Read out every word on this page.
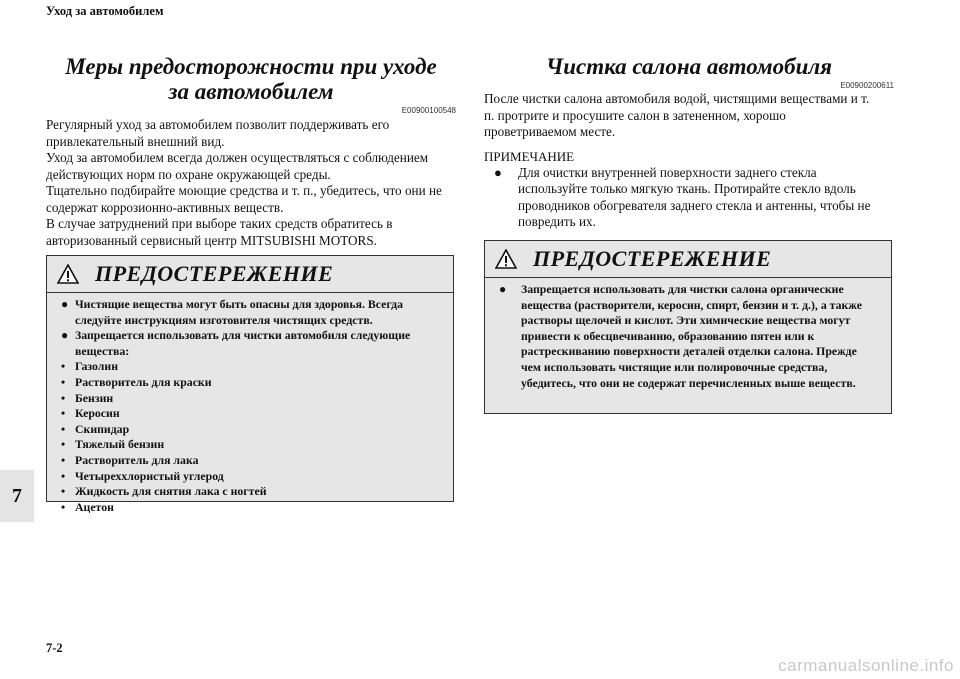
Уход за автомобилем
7
7-2
carmanualsonline.info
Меры предосторожности при уходе
за автомобилем
E00900100548

Регулярный уход за автомобилем позволит поддерживать его привлекательный внешний вид.

Уход за автомобилем всегда должен осуществляться с соблюдением действующих норм по охране окружающей среды.

Тщательно подбирайте моющие средства и т. п., убедитесь, что они не содержат коррозионно-активных веществ.

В случае затруднений при выборе таких средств обратитесь в авторизованный сервисный центр MITSUBISHI MOTORS.

ПРЕДОСТЕРЕЖЕНИЕ
● Чистящие вещества могут быть опасны для здоровья. Всегда следуйте инструкциям изготовителя чистящих средств.
● Запрещается использовать для чистки автомобиля следующие вещества:
• Газолин
• Растворитель для краски
• Бензин
• Керосин
• Скипидар
• Тяжелый бензин
• Растворитель для лака
• Четыреххлористый углерод
• Жидкость для снятия лака с ногтей
• Ацетон
Чистка салона автомобиля
E00900200611

После чистки салона автомобиля водой, чистящими веществами и т. п. протрите и просушите салон в затененном, хорошо проветриваемом месте.

ПРИМЕЧАНИЕ
● Для очистки внутренней поверхности заднего стекла используйте только мягкую ткань. Протирайте стекло вдоль проводников обогревателя заднего стекла и антенны, чтобы не повредить их.
ПРЕДОСТЕРЕЖЕНИЕ
● Запрещается использовать для чистки салона органические вещества (растворители, керосин, спирт, бензин и т. д.), а также растворы щелочей и кислот. Эти химические вещества могут привести к обесцвечиванию, образованию пятен или к растрескиванию поверхности деталей отделки салона. Прежде чем использовать чистящие или полировочные средства, убедитесь, что они не содержат перечисленных выше веществ.
